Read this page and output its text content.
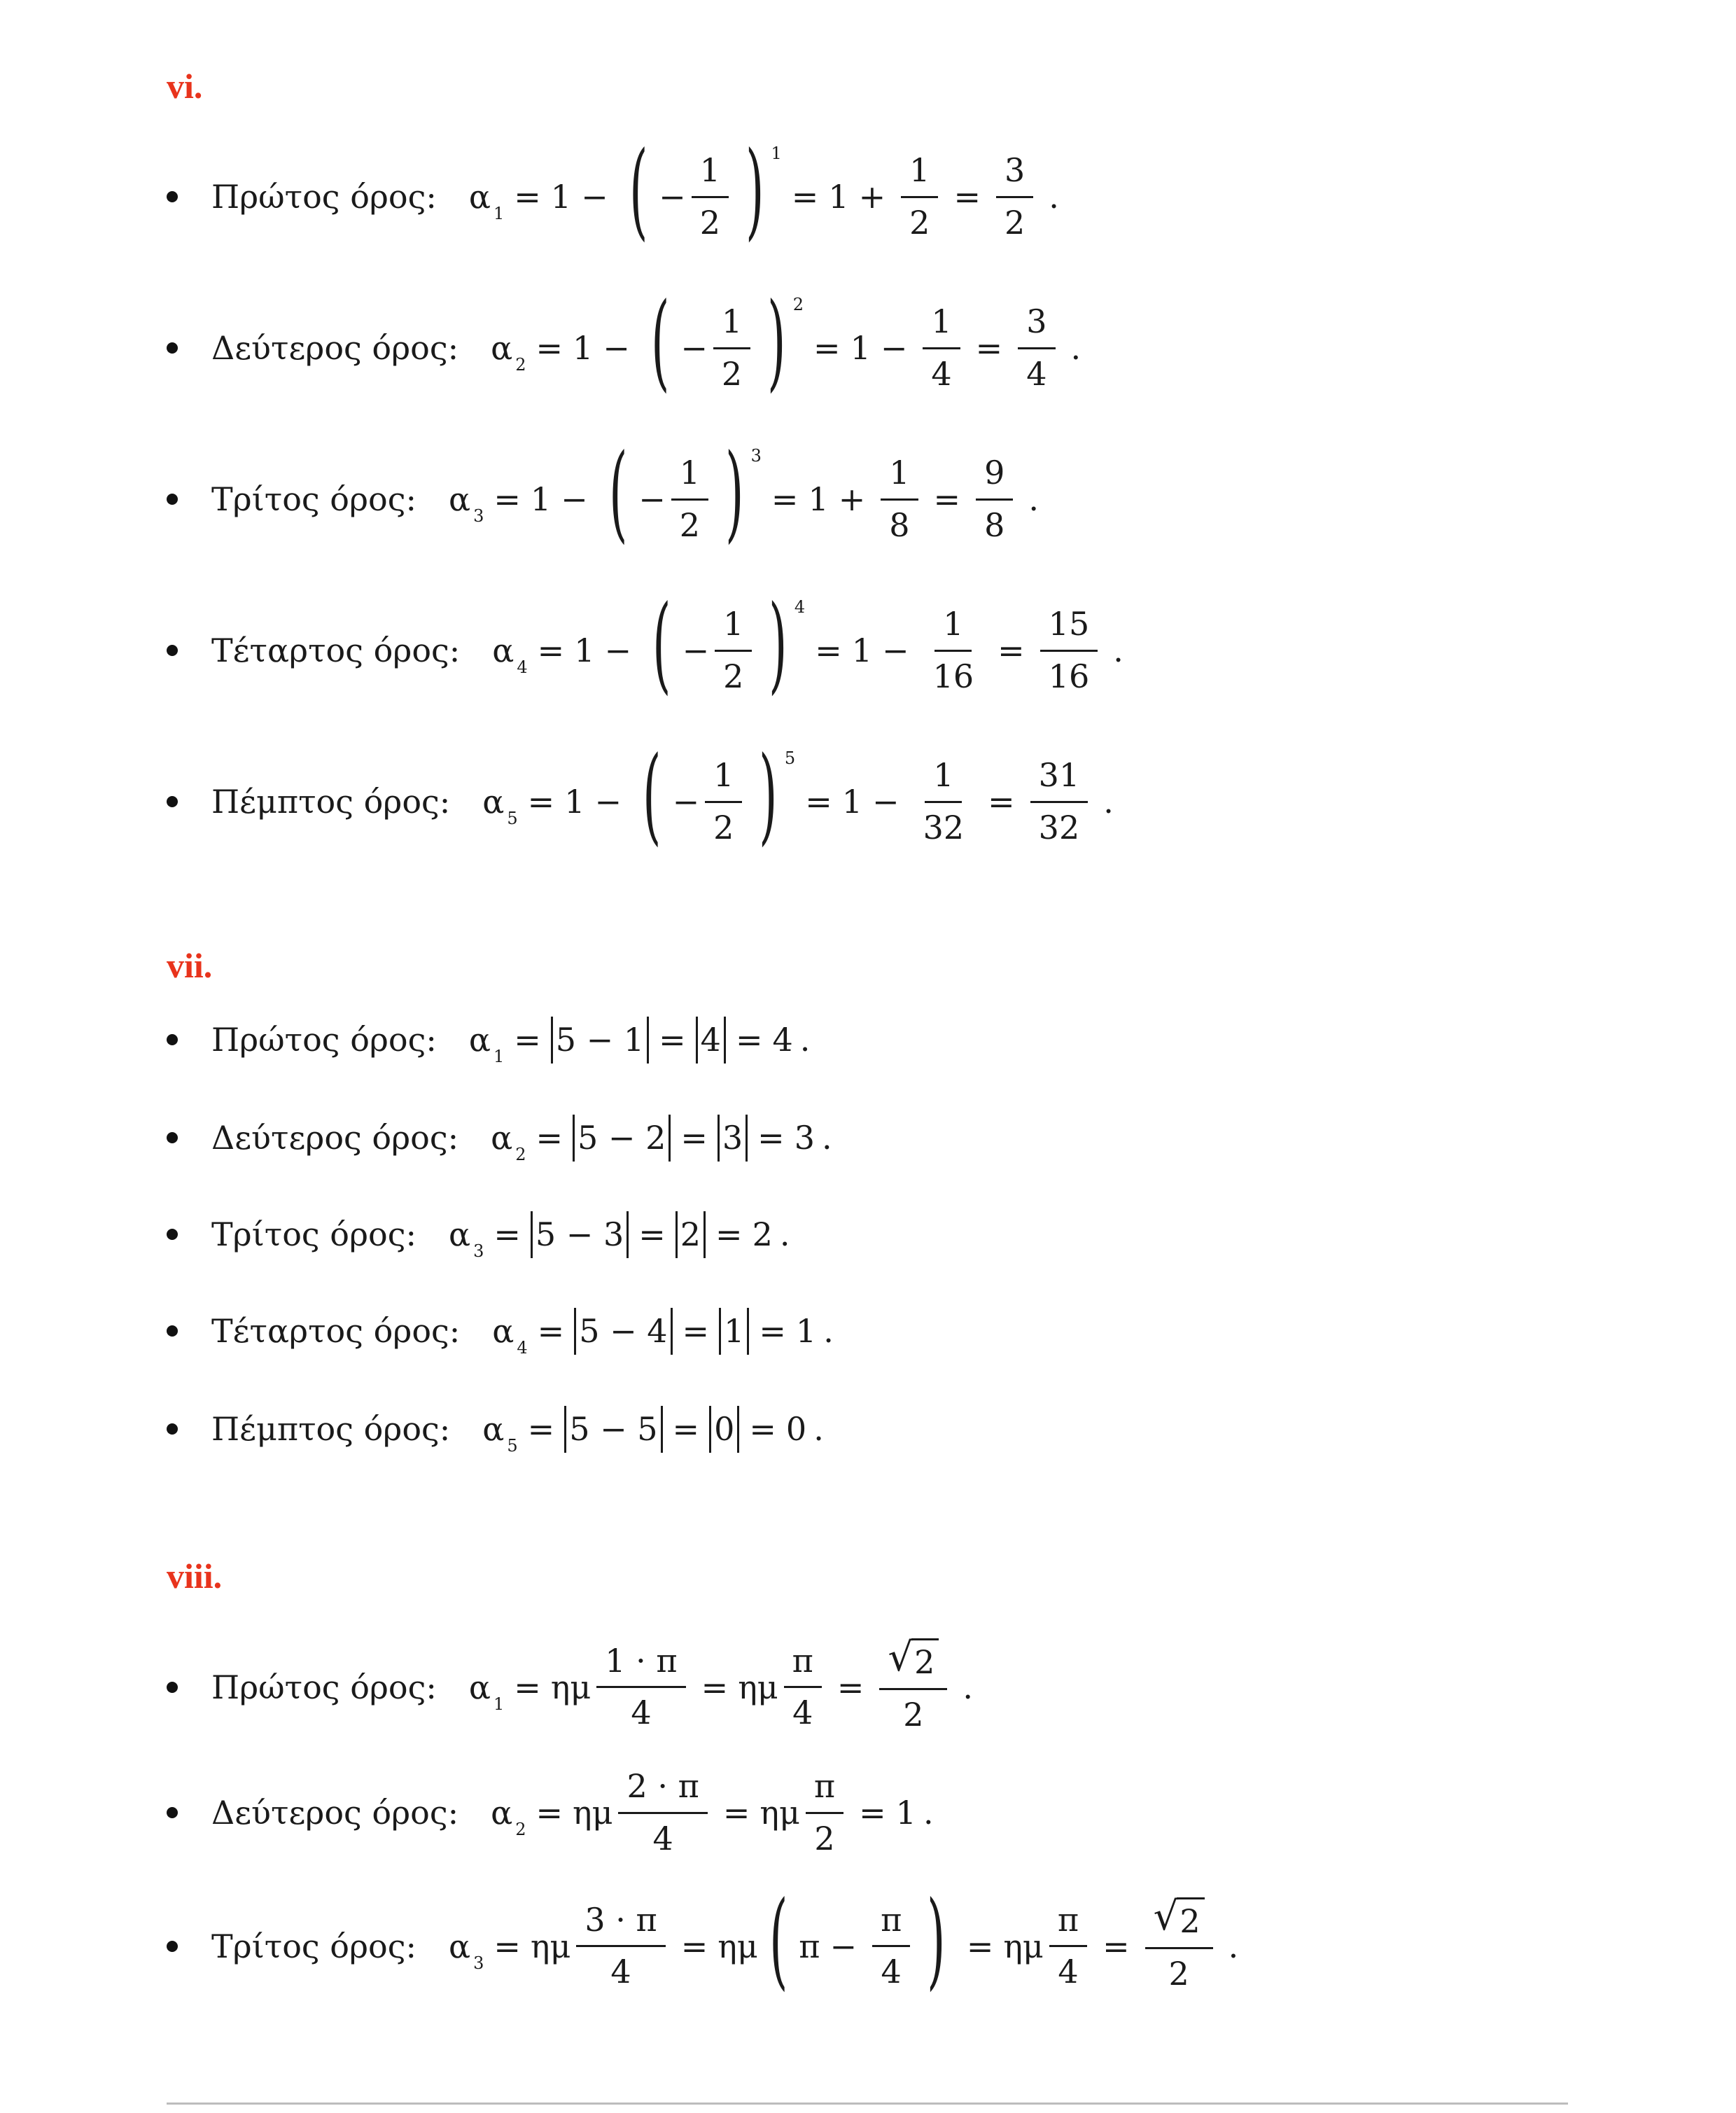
vi.
Πρώτος όρος: α 1 = 1 − ( − $\frac{1}{2}$ ) 1
= $1 + \frac{1}{2} = \frac{3}{2}$ .
Δεύτερος όρος: α 2 = 1 − ( − $\frac{1}{2}$ ) 2
= $1 - \frac{1}{4} = \frac{3}{4}$ .
Τρίτος όρος: α 3 = 1 − ( − $\frac{1}{2}$ ) 3
= $1 + \frac{1}{8} = \frac{9}{8}$ .
Τέταρτος όρος: α 4 = 1 − ( − $\frac{1}{2}$ ) 4
= $1 - \frac{1}{16} = \frac{15}{16}$ .
Πέμπτος όρος: α 5 = 1 − ( − $\frac{1}{2}$ ) 5
= $1 - \frac{1}{32} = \frac{31}{32}$ .
vii.
Πρώτος όρος: α 1 = 5 − 1 = 4 = 4 .
Δεύτερος όρος: α 2 = 5 − 2 = 3 = 3 .
Τρίτος όρος: α 3 = 5 − 3 = 2 = 2 .
Τέταρτος όρος: α 4 = 5 − 4 = 1 = 1 .
Πέμπτος όρος: α 5 = 5 − 5 = 0 = 0 .
viii.
Πρώτος όρος: α 1 = ημ $\frac{1 \cdot \pi}{4} = \eta\mu \frac{\pi}{4} = \frac{√ 2}{2}$ .
Δεύτερος όρος: α 2 = ημ $\frac{2 \cdot \pi}{4} = \eta\mu \frac{\pi}{2} = 1$ .
Τρίτος όρος: α 3 = ημ $\frac{3 \cdot \pi}{4} = \eta\mu$ ( $\pi - \frac{\pi}{4}$ ) = ημ $\frac{\pi}{4} = \frac{√ 2}{2}$ .
